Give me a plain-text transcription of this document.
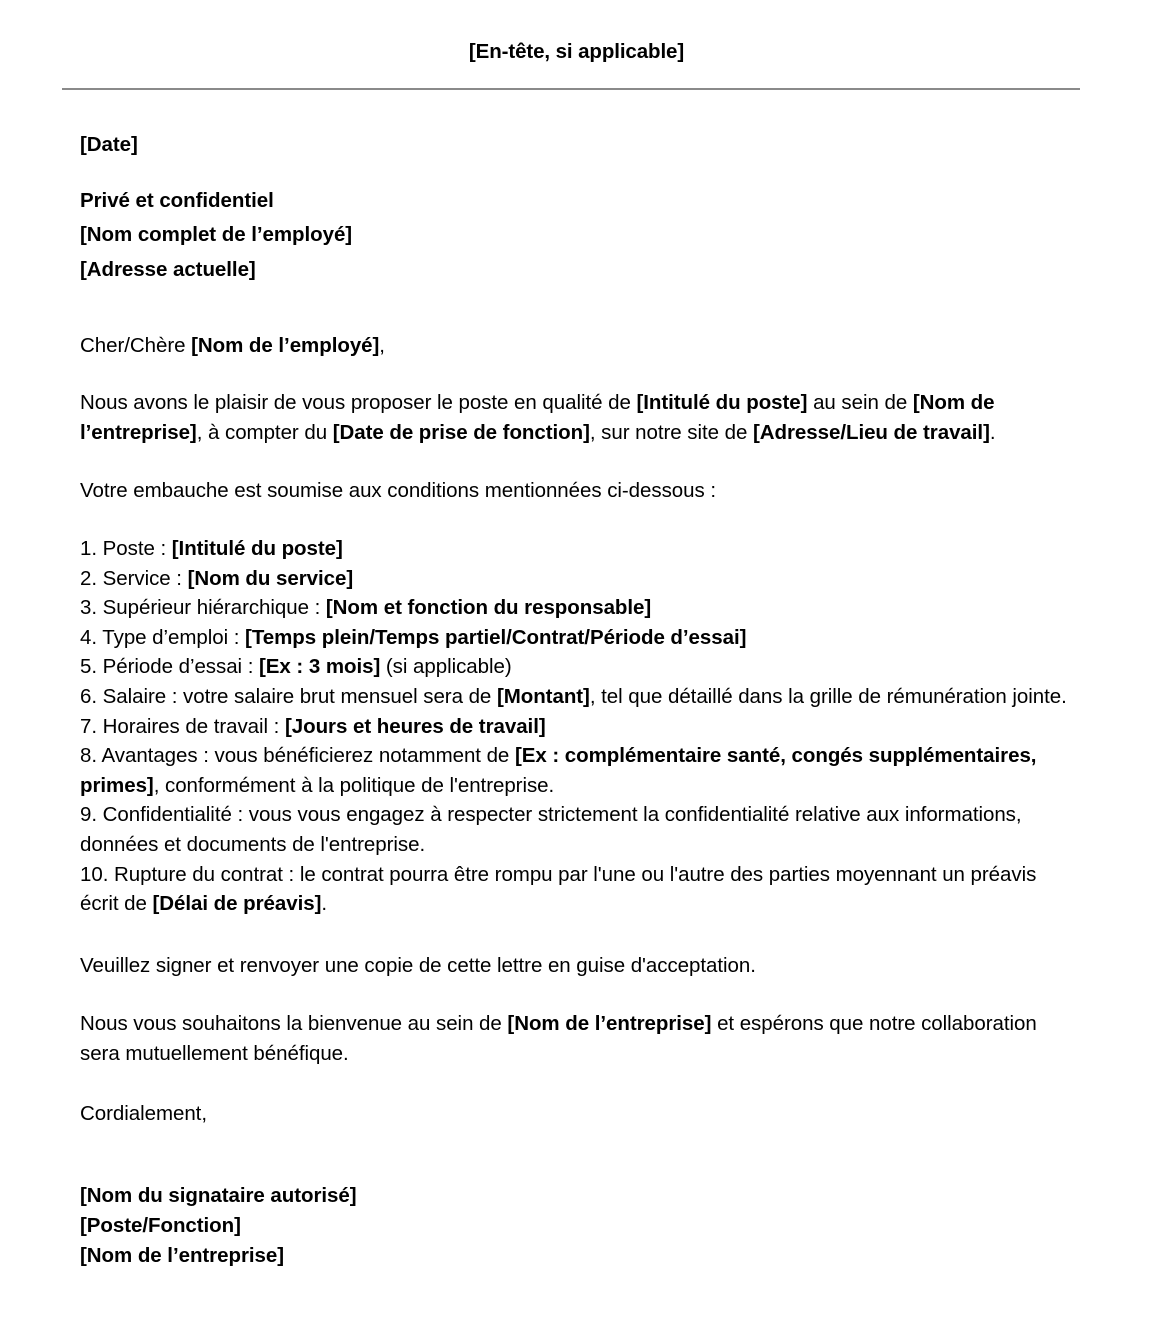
[En-tête, si applicable]
[Date]
Privé et confidentiel
[Nom complet de l’employé]
[Adresse actuelle]
Cher/Chère [Nom de l’employé],
Nous avons le plaisir de vous proposer le poste en qualité de [Intitulé du poste] au sein de [Nom de l’entreprise], à compter du [Date de prise de fonction], sur notre site de [Adresse/Lieu de travail].
Votre embauche est soumise aux conditions mentionnées ci-dessous :
1. Poste : [Intitulé du poste]
2. Service : [Nom du service]
3. Supérieur hiérarchique : [Nom et fonction du responsable]
4. Type d’emploi : [Temps plein/Temps partiel/Contrat/Période d’essai]
5. Période d’essai : [Ex : 3 mois] (si applicable)
6. Salaire : votre salaire brut mensuel sera de [Montant], tel que détaillé dans la grille de rémunération jointe.
7. Horaires de travail : [Jours et heures de travail]
8. Avantages : vous bénéficierez notamment de [Ex : complémentaire santé, congés supplémentaires, primes], conformément à la politique de l'entreprise.
9. Confidentialité : vous vous engagez à respecter strictement la confidentialité relative aux informations, données et documents de l'entreprise.
10. Rupture du contrat : le contrat pourra être rompu par l'une ou l'autre des parties moyennant un préavis écrit de [Délai de préavis].
Veuillez signer et renvoyer une copie de cette lettre en guise d'acceptation.
Nous vous souhaitons la bienvenue au sein de [Nom de l’entreprise] et espérons que notre collaboration sera mutuellement bénéfique.
Cordialement,
[Nom du signataire autorisé]
[Poste/Fonction]
[Nom de l’entreprise]
